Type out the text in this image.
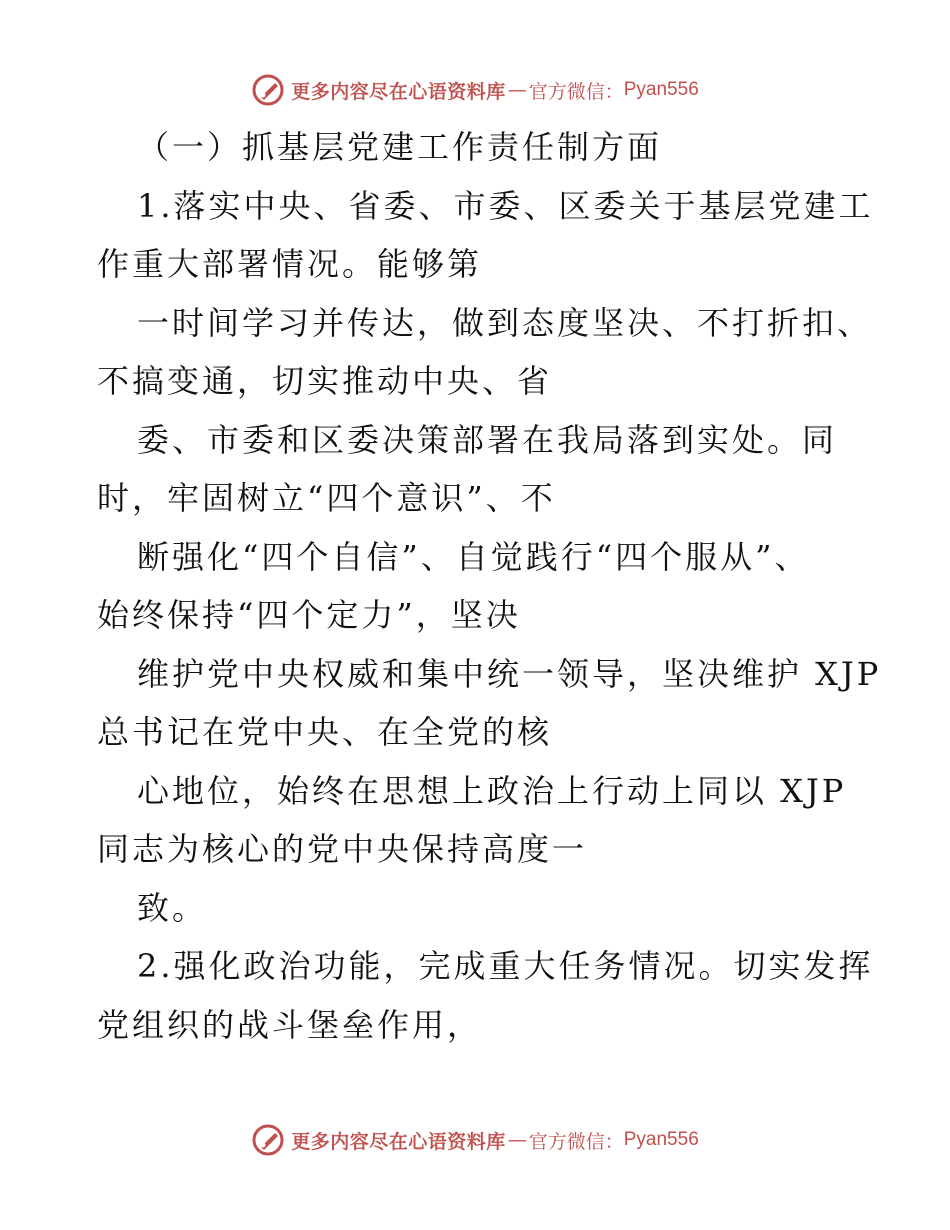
更多内容尽在心语资料库 — 官方微信： Pyan556
（一）抓基层党建工作责任制方面
1.落实中央、省委、市委、区委关于基层党建工
作重大部署情况。能够第
一时间学习并传达，做到态度坚决、不打折扣、
不搞变通，切实推动中央、省
委、市委和区委决策部署在我局落到实处。同
时，牢固树立“四个意识”、不
断强化“四个自信”、自觉践行“四个服从”、
始终保持“四个定力”，坚决
维护党中央权威和集中统一领导，坚决维护 XJP
总书记在党中央、在全党的核
心地位，始终在思想上政治上行动上同以 XJP
同志为核心的党中央保持高度一
致。
2.强化政治功能，完成重大任务情况。切实发挥
党组织的战斗堡垒作用，
更多内容尽在心语资料库 — 官方微信： Pyan556
